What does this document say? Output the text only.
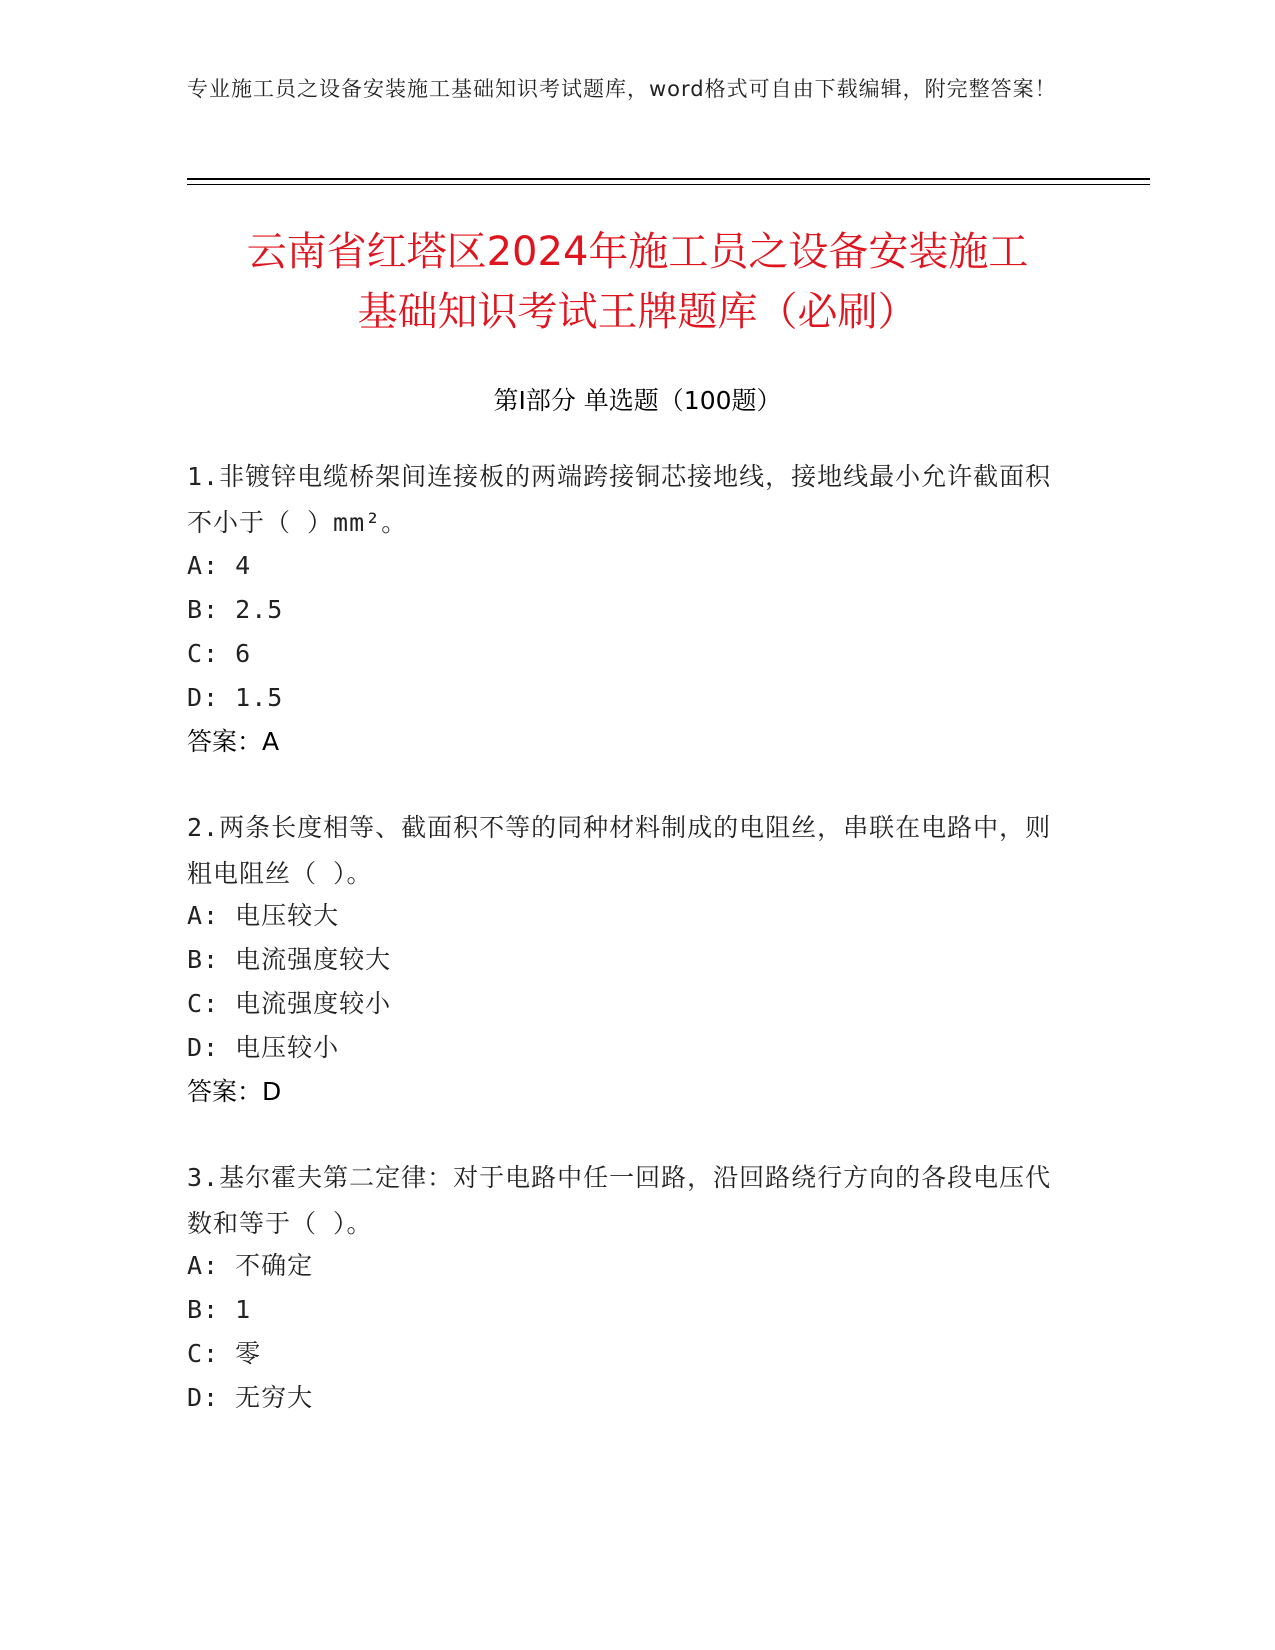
专业施工员之设备安装施工基础知识考试题库，word格式可自由下载编辑，附完整答案！
云南省红塔区2024年施工员之设备安装施工
基础知识考试王牌题库（必刷）
第Ⅰ部分 单选题（100题）
1.非镀锌电缆桥架间连接板的两端跨接铜芯接地线，接地线最小允许截面积不小于（ ）mm²。
A: 4
B: 2.5
C: 6
D: 1.5
答案：A
2.两条长度相等、截面积不等的同种材料制成的电阻丝，串联在电路中，则粗电阻丝（ ）。
A: 电压较大
B: 电流强度较大
C: 电流强度较小
D: 电压较小
答案：D
3.基尔霍夫第二定律：对于电路中任一回路，沿回路绕行方向的各段电压代数和等于（ ）。
A: 不确定
B: 1
C: 零
D: 无穷大
